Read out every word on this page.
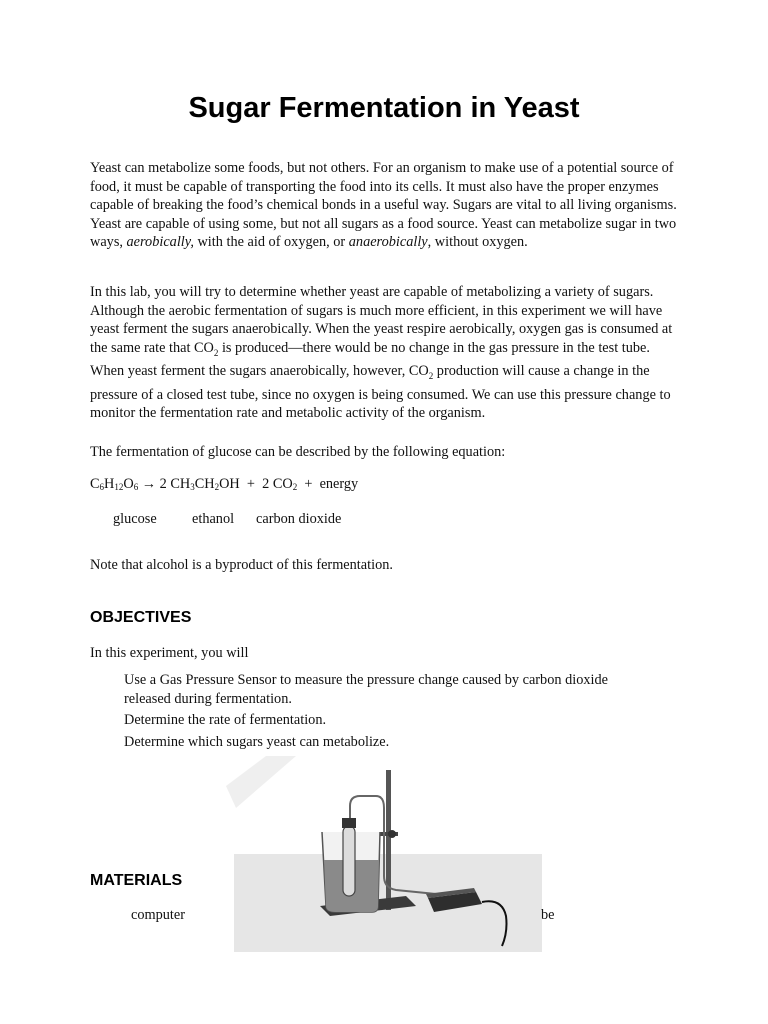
Sugar Fermentation in Yeast

Yeast can metabolize some foods, but not others. For an organism to make use of a potential source of food, it must be capable of transporting the food into its cells. It must also have the proper enzymes capable of breaking the food’s chemical bonds in a useful way. Sugars are vital to all living organisms. Yeast are capable of using some, but not all sugars as a food source. Yeast can metabolize sugar in two ways, aerobically, with the aid of oxygen, or anaerobically, without oxygen.

In this lab, you will try to determine whether yeast are capable of metabolizing a variety of sugars. Although the aerobic fermentation of sugars is much more efficient, in this experiment we will have yeast ferment the sugars anaerobically. When the yeast respire aerobically, oxygen gas is consumed at the same rate that $CO_2$ is produced—there would be no change in the gas pressure in the test tube. When yeast ferment the sugars anaerobically, however, $CO_2$ production will cause a change in the pressure of a closed test tube, since no oxygen is being consumed. We can use this pressure change to monitor the fermentation rate and metabolic activity of the organism.

The fermentation of glucose can be described by the following equation:

$C_6H_{12}O_6 \to 2$ $CH_3CH_2OH + 2$ $CO_2$  +  energy
glucose ethanol carbon dioxide
Note that alcohol is a byproduct of this fermentation.
OBJECTIVES
In this experiment, you will
Use a Gas Pressure Sensor to measure the pressure change caused by carbon dioxide
released during fermentation.
Determine the rate of fermentation.
Determine which sugars yeast can metabolize.
MATERIALS
computer	be
